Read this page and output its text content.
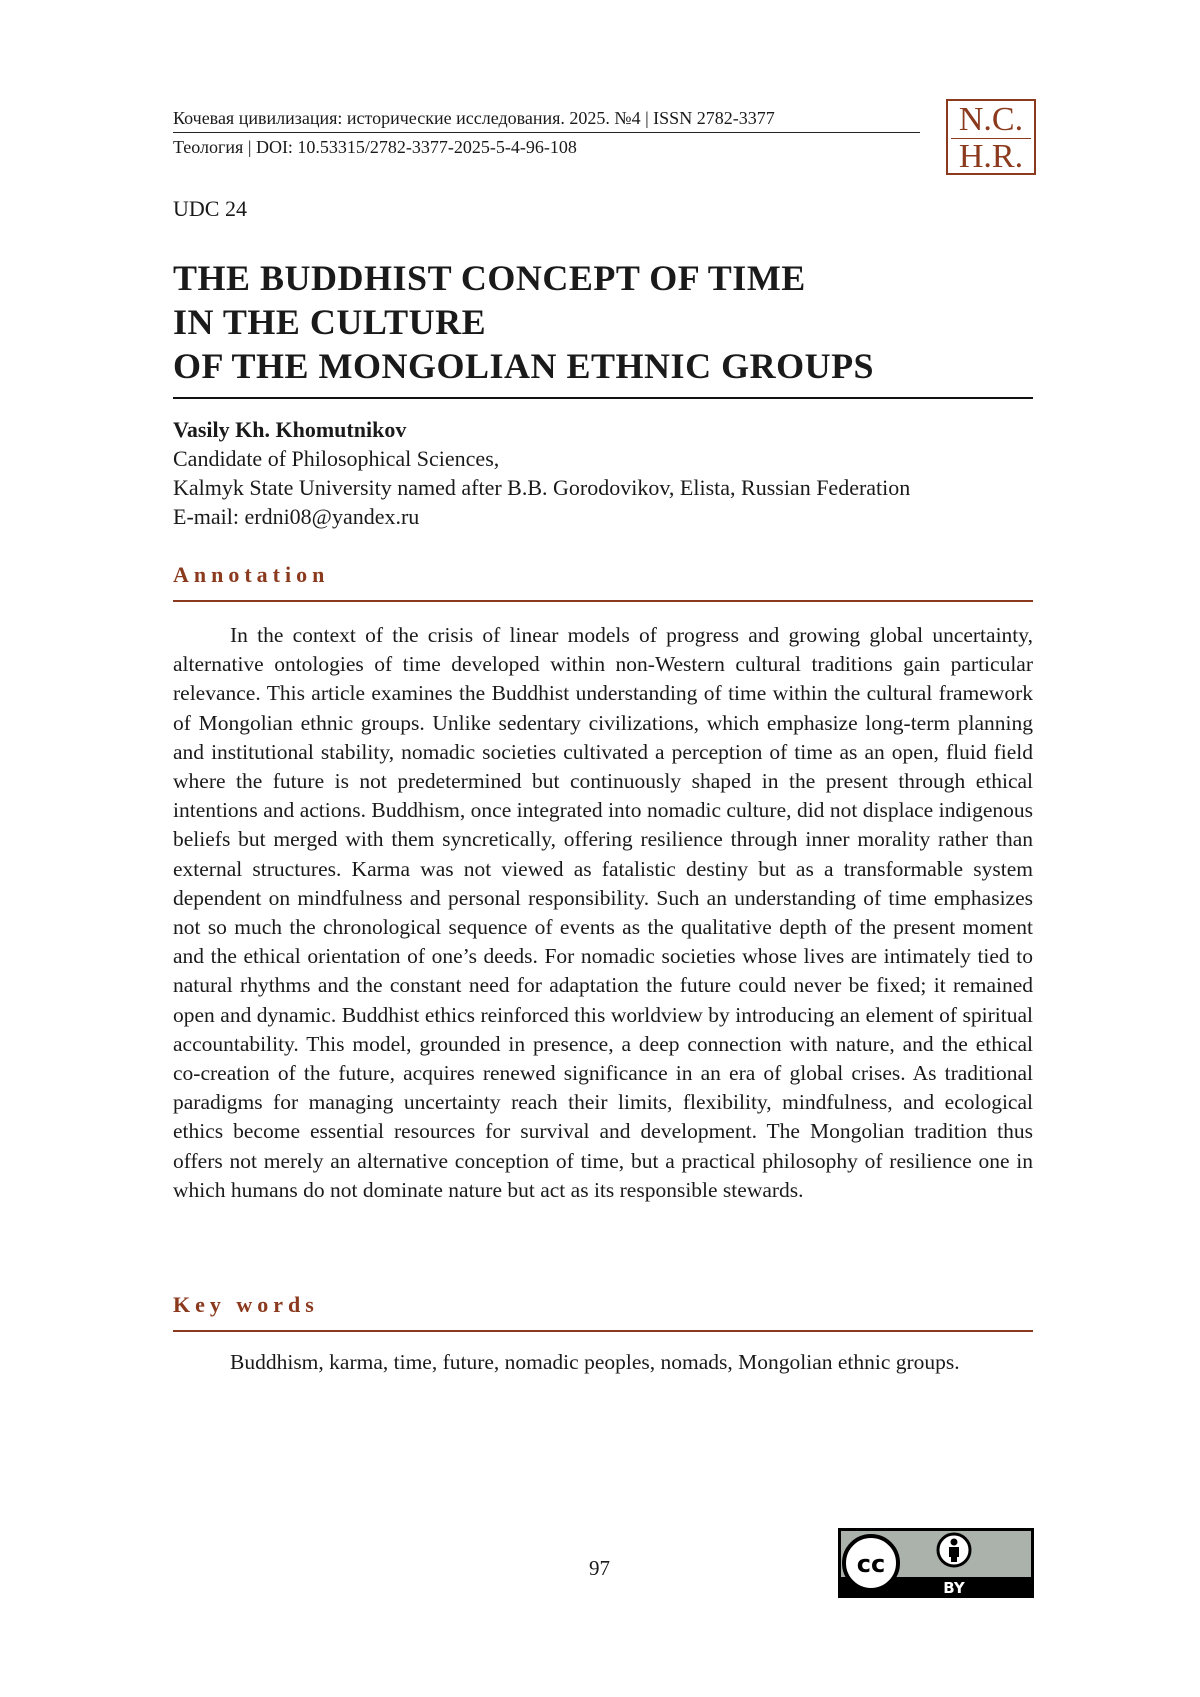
Кочевая цивилизация: исторические исследования. 2025. №4 | ISSN 2782-3377
Теология | DOI: 10.53315/2782-3377-2025-5-4-96-108
N.C.
H.R.
UDC 24
THE BUDDHIST CONCEPT OF TIME
IN THE CULTURE
OF THE MONGOLIAN ETHNIC GROUPS
Vasily Kh. Khomutnikov
Candidate of Philosophical Sciences,
Kalmyk State University named after B.B. Gorodovikov, Elista, Russian Federation
E-mail: erdni08@yandex.ru
Annotation

In the context of the crisis of linear models of progress and growing global uncertainty, alternative ontologies of time developed within non-Western cultural traditions gain particular relevance. This article examines the Buddhist understanding of time within the cultural framework of Mongolian ethnic groups. Unlike sedentary civilizations, which emphasize long-term planning and institutional stability, nomadic societies cultivated a perception of time as an open, fluid field where the future is not predetermined but continuously shaped in the present through ethical intentions and actions. Buddhism, once integrated into nomadic culture, did not displace indigenous beliefs but merged with them syncretically, offering resilience through inner morality rather than external structures. Karma was not viewed as fatalistic destiny but as a transformable system dependent on mindfulness and personal responsibility. Such an understanding of time emphasizes not so much the chronological sequence of events as the qualitative depth of the present moment and the ethical orientation of one’s deeds. For nomadic societies whose lives are intimately tied to natural rhythms and the constant need for adaptation the future could never be fixed; it remained open and dynamic. Buddhist ethics reinforced this worldview by introducing an element of spiritual accountability. This model, grounded in presence, a deep connection with nature, and the ethical co-creation of the future, acquires renewed significance in an era of global crises. As traditional paradigms for managing uncertainty reach their limits, flexibility, mindfulness, and ecological ethics become essential resources for survival and development. The Mongolian tradition thus offers not merely an alternative conception of time, but a practical philosophy of resilience one in which humans do not dominate nature but act as its responsible stewards.

Key words
Buddhism, karma, time, future, nomadic peoples, nomads, Mongolian ethnic groups.
97	cc
BY
